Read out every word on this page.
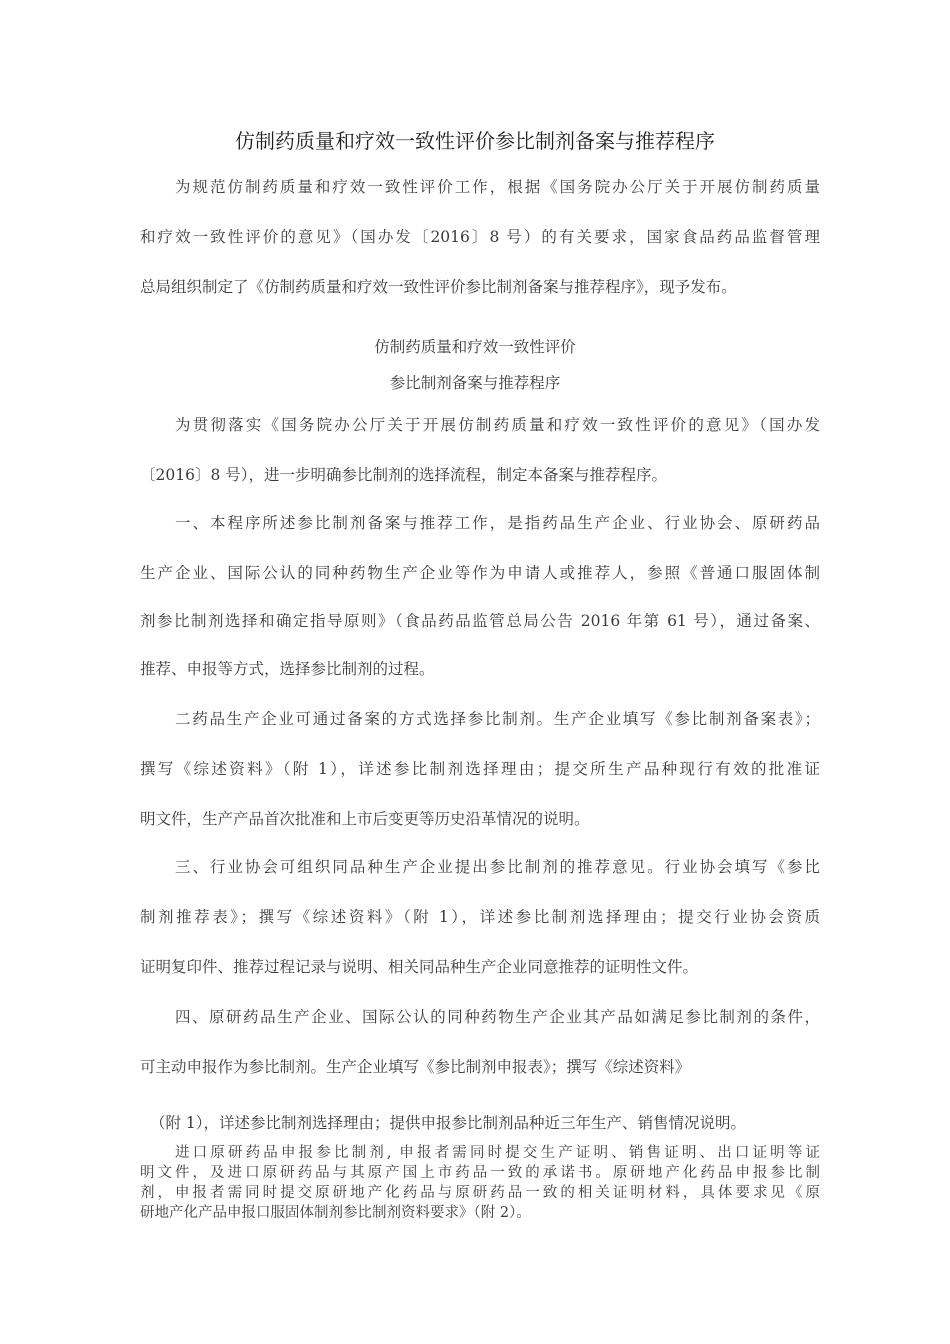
仿制药质量和疗效一致性评价参比制剂备案与推荐程序
为规范仿制药质量和疗效一致性评价工作，根据《国务院办公厅关于开展仿制药质量
和疗效一致性评价的意见》（国办发〔2016〕8 号）的有关要求，国家食品药品监督管理
总局组织制定了《仿制药质量和疗效一致性评价参比制剂备案与推荐程序》，现予发布。
仿制药质量和疗效一致性评价
参比制剂备案与推荐程序
为贯彻落实《国务院办公厅关于开展仿制药质量和疗效一致性评价的意见》（国办发
〔2016〕8 号），进一步明确参比制剂的选择流程，制定本备案与推荐程序。
一、本程序所述参比制剂备案与推荐工作，是指药品生产企业、行业协会、原研药品
生产企业、国际公认的同种药物生产企业等作为申请人或推荐人，参照《普通口服固体制
剂参比制剂选择和确定指导原则》（食品药品监管总局公告 2016 年第 61 号），通过备案、
推荐、申报等方式，选择参比制剂的过程。
二药品生产企业可通过备案的方式选择参比制剂。生产企业填写《参比制剂备案表》；
撰写《综述资料》（附 1），详述参比制剂选择理由；提交所生产品种现行有效的批准证
明文件，生产产品首次批准和上市后变更等历史沿革情况的说明。
三、行业协会可组织同品种生产企业提出参比制剂的推荐意见。行业协会填写《参比
制剂推荐表》；撰写《综述资料》（附 1），详述参比制剂选择理由；提交行业协会资质
证明复印件、推荐过程记录与说明、相关同品种生产企业同意推荐的证明性文件。
四、原研药品生产企业、国际公认的同种药物生产企业其产品如满足参比制剂的条件，
可主动申报作为参比制剂。生产企业填写《参比制剂申报表》；撰写《综述资料》
（附 1），详述参比制剂选择理由；提供申报参比制剂品种近三年生产、销售情况说明。
进口原研药品申报参比制剂, 申报者需同时提交生产证明、销售证明、出口证明等证
明文件，及进口原研药品与其原产国上市药品一致的承诺书。原研地产化药品申报参比制
剂，申报者需同时提交原研地产化药品与原研药品一致的相关证明材料，具体要求见《原
研地产化产品申报口服固体制剂参比制剂资料要求》（附 2）。
